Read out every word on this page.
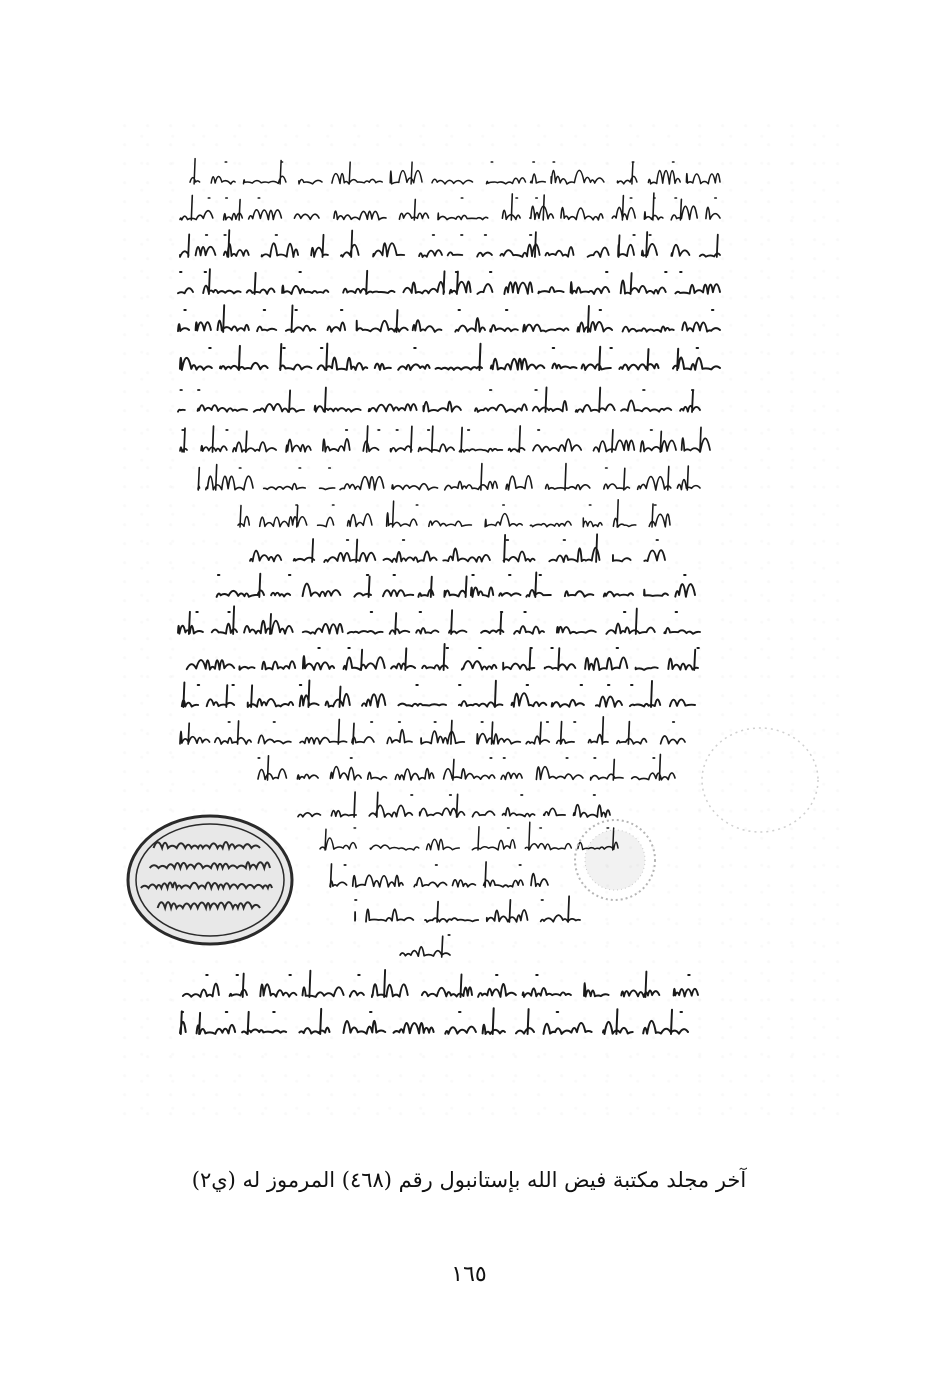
آخر مجلد مكتبة فيض الله بإستانبول رقم (٤٦٨) المرموز له (ي٢)
١٦٥
